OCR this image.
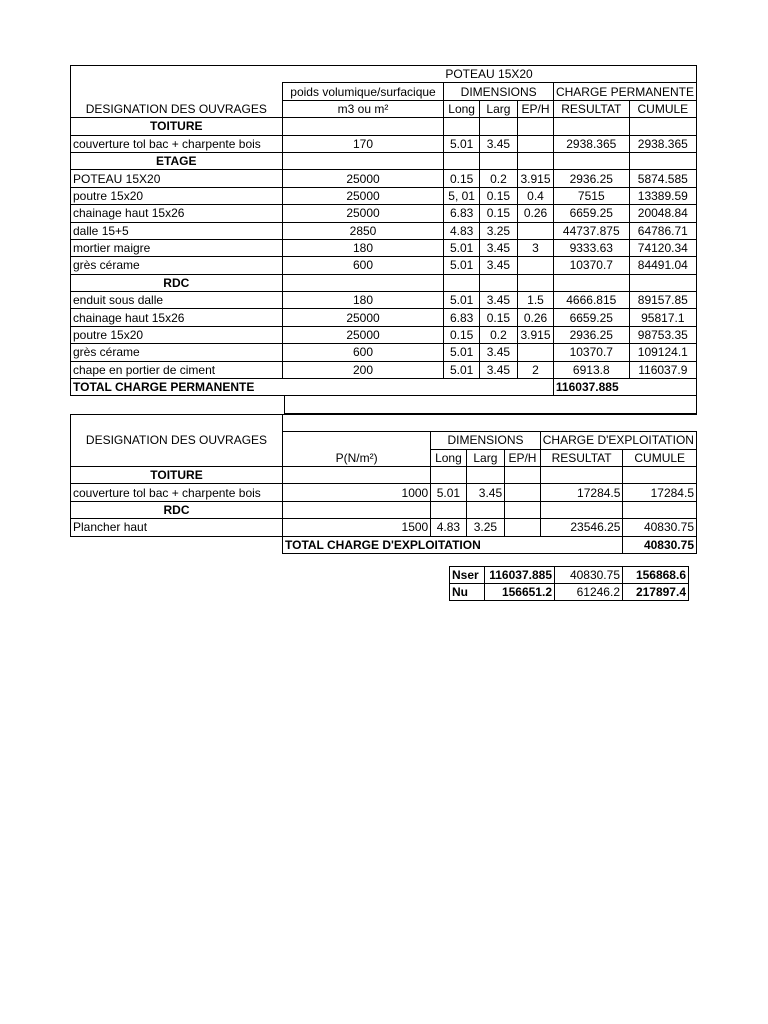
	POTEAU 15X20					
	poids volumique/surfacique	DIMENSIONS			CHARGE PERMANENTE	
DESIGNATION DES OUVRAGES	m3 ou m²	Long	Larg	EP/H	RESULTAT	CUMULE
TOITURE						
couverture tol bac + charpente bois	170	5.01	3.45		2938.365	2938.365
ETAGE						
POTEAU 15X20	25000	0.15	0.2	3.915	2936.25	5874.585
poutre 15x20	25000	5, 01	0.15	0.4	7515	13389.59
chainage haut 15x26	25000	6.83	0.15	0.26	6659.25	20048.84
dalle 15+5	2850	4.83	3.25		44737.875	64786.71
mortier maigre	180	5.01	3.45	3	9333.63	74120.34
grès cérame	600	5.01	3.45		10370.7	84491.04
RDC						
enduit sous dalle	180	5.01	3.45	1.5	4666.815	89157.85
chainage haut 15x26	25000	6.83	0.15	0.26	6659.25	95817.1
poutre 15x20	25000	0.15	0.2	3.915	2936.25	98753.35
grès cérame	600	5.01	3.45		10370.7	109124.1
chape en portier de ciment	200	5.01	3.45	2	6913.8	116037.9
TOTAL CHARGE PERMANENTE					116037.885	

DESIGNATION DES OUVRAGES		DIMENSIONS			CHARGE D'EXPLOITATION	
	P(N/m²)	Long	Larg	EP/H	RESULTAT	CUMULE
TOITURE						
couverture tol bac + charpente bois	1000	5.01	3.45		17284.5	17284.5
RDC						
Plancher haut	1500	4.83	3.25		23546.25	40830.75
	TOTAL CHARGE D'EXPLOITATION					40830.75
Nser	116037.885	40830.75	156868.6
Nu	156651.2	61246.2	217897.4
